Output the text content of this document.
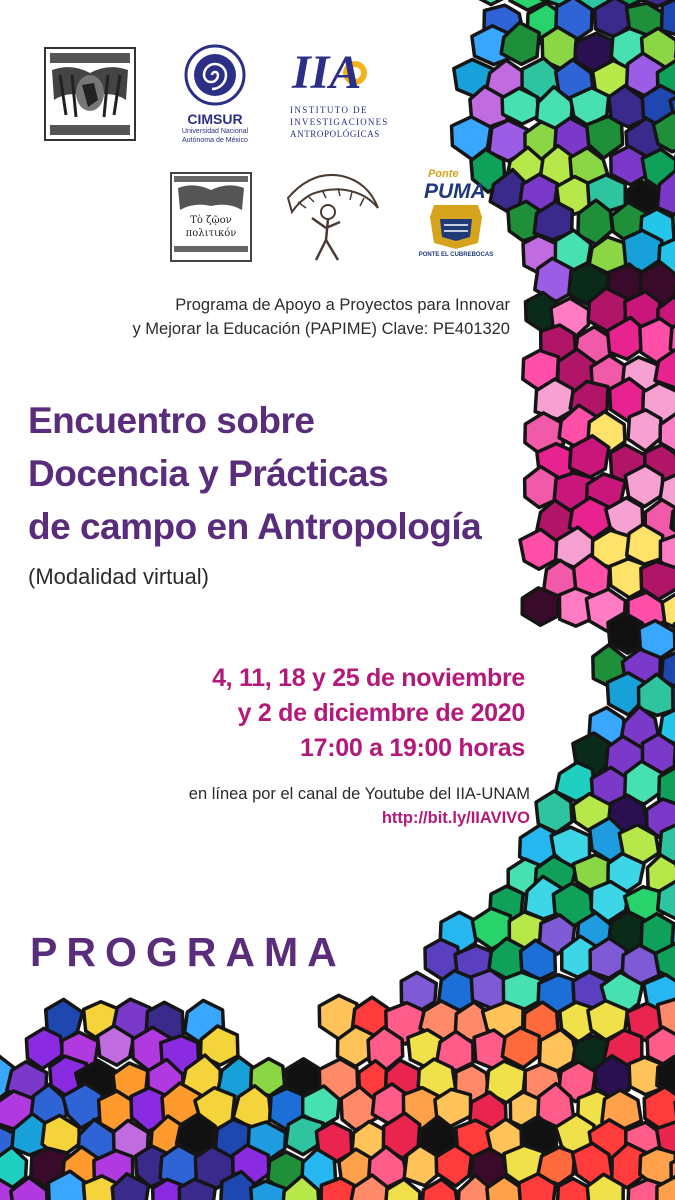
CIMSUR
Universidad Nacional
Autónoma de México
IIA
INSTITUTO DE
INVESTIGACIONES
ANTROPOLÓGICAS
Τὸ ζῷον
πολιτικόν
Ponte
PUMA
PONTE EL CUBREBOCAS

Programa de Apoyo a Proyectos para Innovar
y Mejorar la Educación (PAPIME) Clave: PE401320

Encuentro sobre
Docencia y Prácticas
de campo en Antropología

(Modalidad virtual)

4, 11, 18 y 25 de noviembre
y 2 de diciembre de 2020
17:00 a 19:00 horas

en línea por el canal de Youtube del IIA-UNAM

http://bit.ly/IIAVIVO

PROGRAMA
